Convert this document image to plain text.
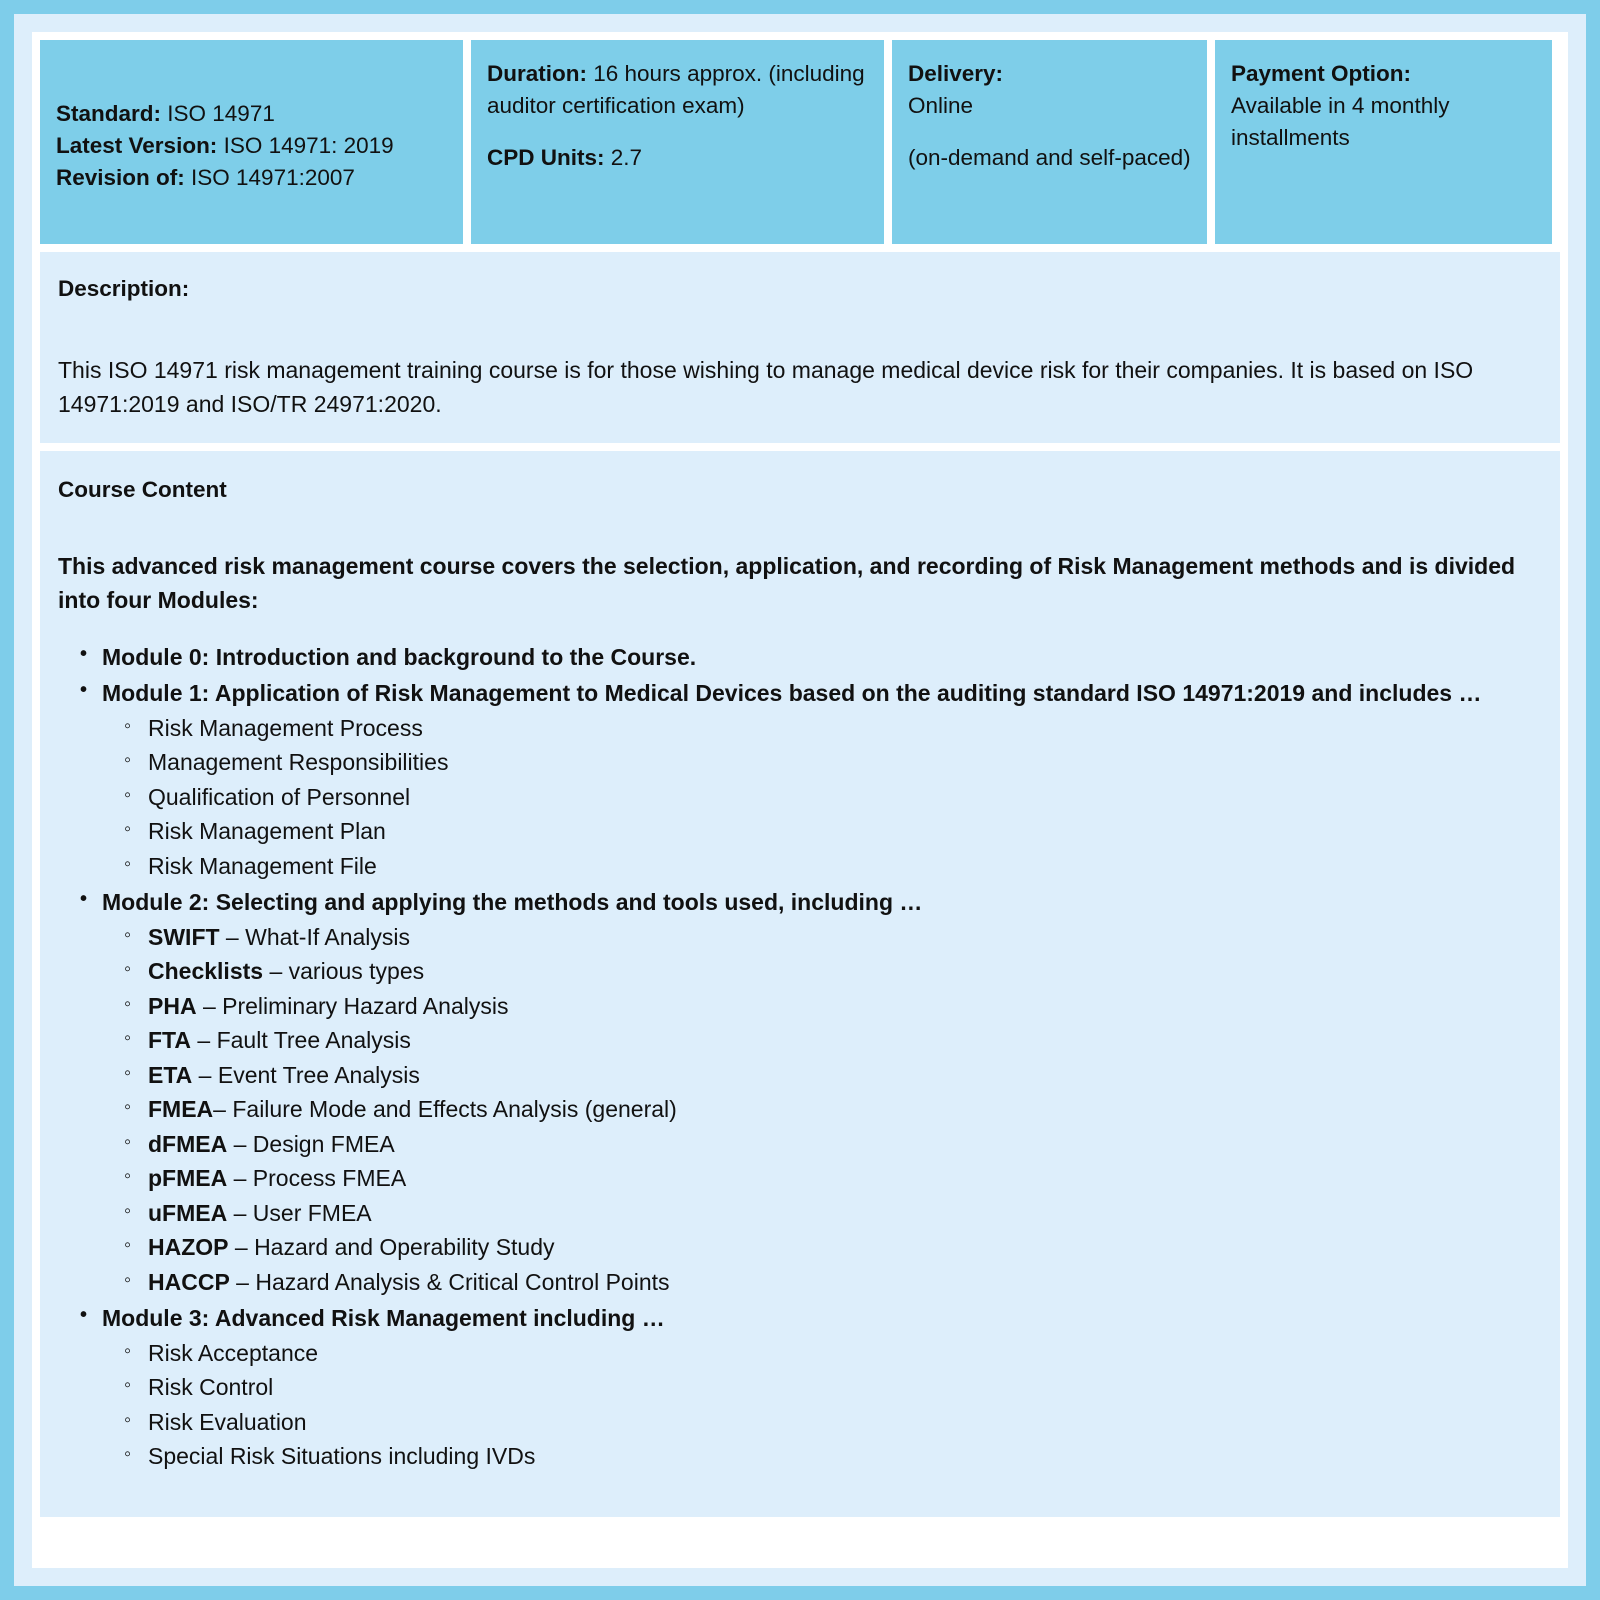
Standard: ISO 14971
Latest Version: ISO 14971: 2019
Revision of: ISO 14971:2007
Duration: 16 hours approx. (including auditor certification exam)
CPD Units: 2.7
Delivery:
Online
(on-demand and self-paced)
Payment Option:
Available in 4 monthly installments

Description:

This ISO 14971 risk management training course is for those wishing to manage medical device risk for their companies. It is based on ISO 14971:2019 and ISO/TR 24971:2020.

Course Content

This advanced risk management course covers the selection, application, and recording of Risk Management methods and is divided into four Modules:

• Module 0: Introduction and background to the Course.
• Module 1: Application of Risk Management to Medical Devices based on the auditing standard ISO 14971:2019 and includes …
◦ Risk Management Process
◦ Management Responsibilities
◦ Qualification of Personnel
◦ Risk Management Plan
◦ Risk Management File
• Module 2: Selecting and applying the methods and tools used, including …
◦ SWIFT – What-If Analysis
◦ Checklists – various types
◦ PHA – Preliminary Hazard Analysis
◦ FTA – Fault Tree Analysis
◦ ETA – Event Tree Analysis
◦ FMEA– Failure Mode and Effects Analysis (general)
◦ dFMEA – Design FMEA
◦ pFMEA – Process FMEA
◦ uFMEA – User FMEA
◦ HAZOP – Hazard and Operability Study
◦ HACCP – Hazard Analysis & Critical Control Points
• Module 3: Advanced Risk Management including …
◦ Risk Acceptance
◦ Risk Control
◦ Risk Evaluation
◦ Special Risk Situations including IVDs
